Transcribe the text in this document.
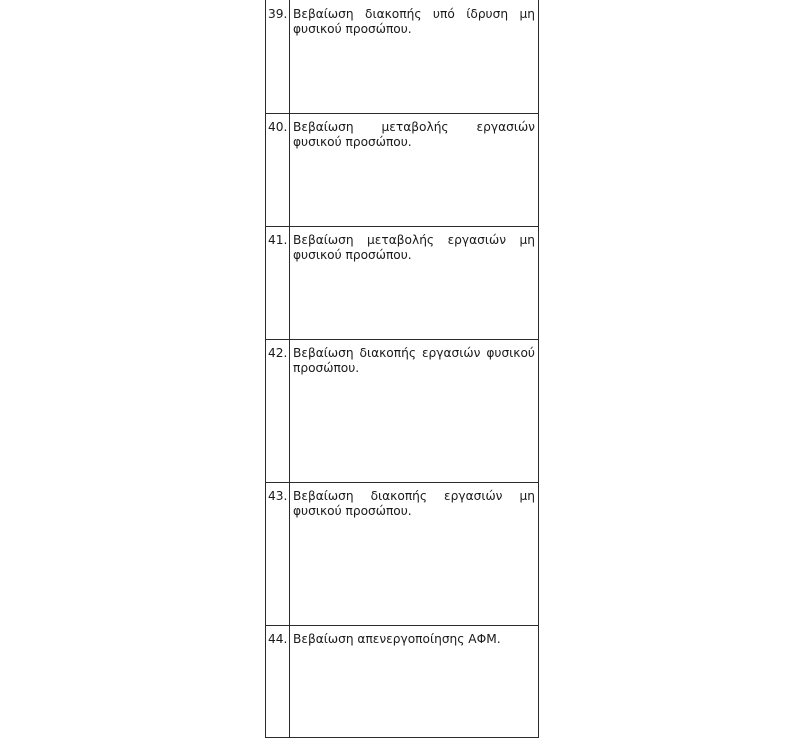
39.	Βεβαίωση διακοπής υπό ίδρυση μη φυσικού προσώπου.
40.	Βεβαίωση μεταβολής εργασιών φυσικού προσώπου.
41.	Βεβαίωση μεταβολής εργασιών μη φυσικού προσώπου.
42.	Βεβαίωση διακοπής εργασιών φυσικού προσώπου.
43.	Βεβαίωση διακοπής εργασιών μη φυσικού προσώπου.
44.	Βεβαίωση απενεργοποίησης ΑΦΜ.
